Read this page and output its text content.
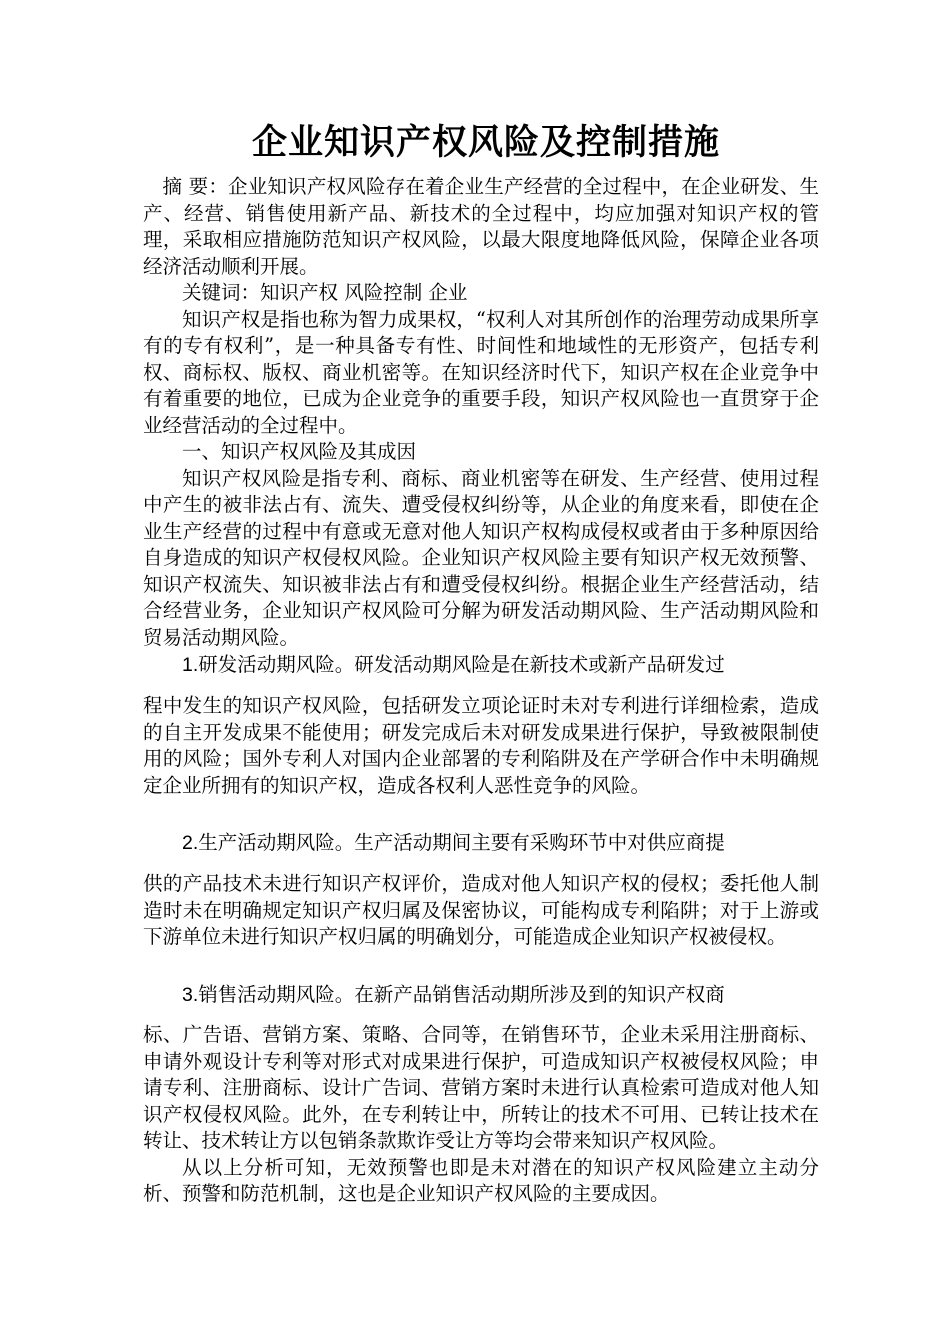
企业知识产权风险及控制措施

摘 要：企业知识产权风险存在着企业生产经营的全过程中，在企业研发、生产、经营、销售使用新产品、新技术的全过程中，均应加强对知识产权的管理，采取相应措施防范知识产权风险，以最大限度地降低风险，保障企业各项经济活动顺利开展。

关键词：知识产权 风险控制 企业

知识产权是指也称为智力成果权，“权利人对其所创作的治理劳动成果所享有的专有权利”，是一种具备专有性、时间性和地域性的无形资产，包括专利权、商标权、版权、商业机密等。在知识经济时代下，知识产权在企业竞争中有着重要的地位，已成为企业竞争的重要手段，知识产权风险也一直贯穿于企业经营活动的全过程中。

一、知识产权风险及其成因

知识产权风险是指专利、商标、商业机密等在研发、生产经营、使用过程中产生的被非法占有、流失、遭受侵权纠纷等，从企业的角度来看，即使在企业生产经营的过程中有意或无意对他人知识产权构成侵权或者由于多种原因给自身造成的知识产权侵权风险。企业知识产权风险主要有知识产权无效预警、知识产权流失、知识被非法占有和遭受侵权纠纷。根据企业生产经营活动，结合经营业务，企业知识产权风险可分解为研发活动期风险、生产活动期风险和贸易活动期风险。

1.研发活动期风险。研发活动期风险是在新技术或新产品研发过

程中发生的知识产权风险，包括研发立项论证时未对专利进行详细检索，造成的自主开发成果不能使用；研发完成后未对研发成果进行保护，导致被限制使用的风险；国外专利人对国内企业部署的专利陷阱及在产学研合作中未明确规定企业所拥有的知识产权，造成各权利人恶性竞争的风险。

2.生产活动期风险。生产活动期间主要有采购环节中对供应商提

供的产品技术未进行知识产权评价，造成对他人知识产权的侵权；委托他人制造时未在明确规定知识产权归属及保密协议，可能构成专利陷阱；对于上游或下游单位未进行知识产权归属的明确划分，可能造成企业知识产权被侵权。

3.销售活动期风险。在新产品销售活动期所涉及到的知识产权商

标、广告语、营销方案、策略、合同等，在销售环节，企业未采用注册商标、申请外观设计专利等对形式对成果进行保护，可造成知识产权被侵权风险；申请专利、注册商标、设计广告词、营销方案时未进行认真检索可造成对他人知识产权侵权风险。此外，在专利转让中，所转让的技术不可用、已转让技术在转让、技术转让方以包销条款欺诈受让方等均会带来知识产权风险。

从以上分析可知，无效预警也即是未对潜在的知识产权风险建立主动分析、预警和防范机制，这也是企业知识产权风险的主要成因。
